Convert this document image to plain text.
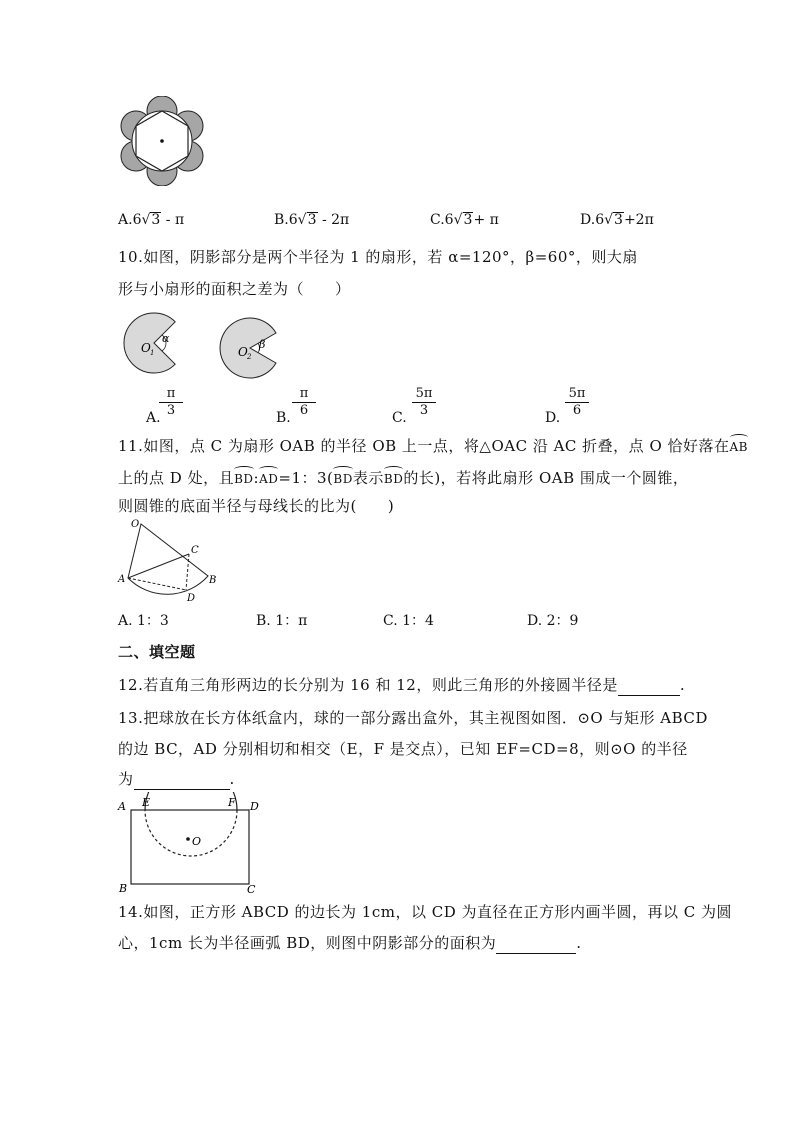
A.6√3 - π	B.6√3 - 2π	C.6√3+ π	D.6√3+2π
10.如图，阴影部分是两个半径为 1 的扇形，若 α=120°，β=60°，则大扇
形与小扇形的面积之差为（　　）
O 1
α
O 2
β
A.
$\frac{\pi}{3}$	B. $\frac{\pi}{6}$	C. $\frac{5\pi}{3}$	D. $\frac{5\pi}{6}$
11.如图，点 C 为扇形 OAB 的半径 OB 上一点，将△OAC 沿 AC 折叠，点 O 恰好落在AB
上的点 D 处，且BD:AD=1：3(BD表示BD的长)，若将此扇形 OAB 围成一个圆锥，
则圆锥的底面半径与母线长的比为(　　)
O
A	B
C
D
A. 1：3	B. 1：π	C. 1：4	D. 2：9
二、填空题
12.若直角三角形两边的长分别为 16 和 12，则此三角形的外接圆半径是	.
13.把球放在长方体纸盒内，球的一部分露出盒外，其主视图如图．⊙O 与矩形 ABCD
的边 BC，AD 分别相切和相交（E，F 是交点），已知 EF=CD=8，则⊙O 的半径
为	.
A E	F D
O
B	C
14.如图，正方形 ABCD 的边长为 1cm，以 CD 为直径在正方形内画半圆，再以 C 为圆
心，1cm 长为半径画弧 BD，则图中阴影部分的面积为	.
